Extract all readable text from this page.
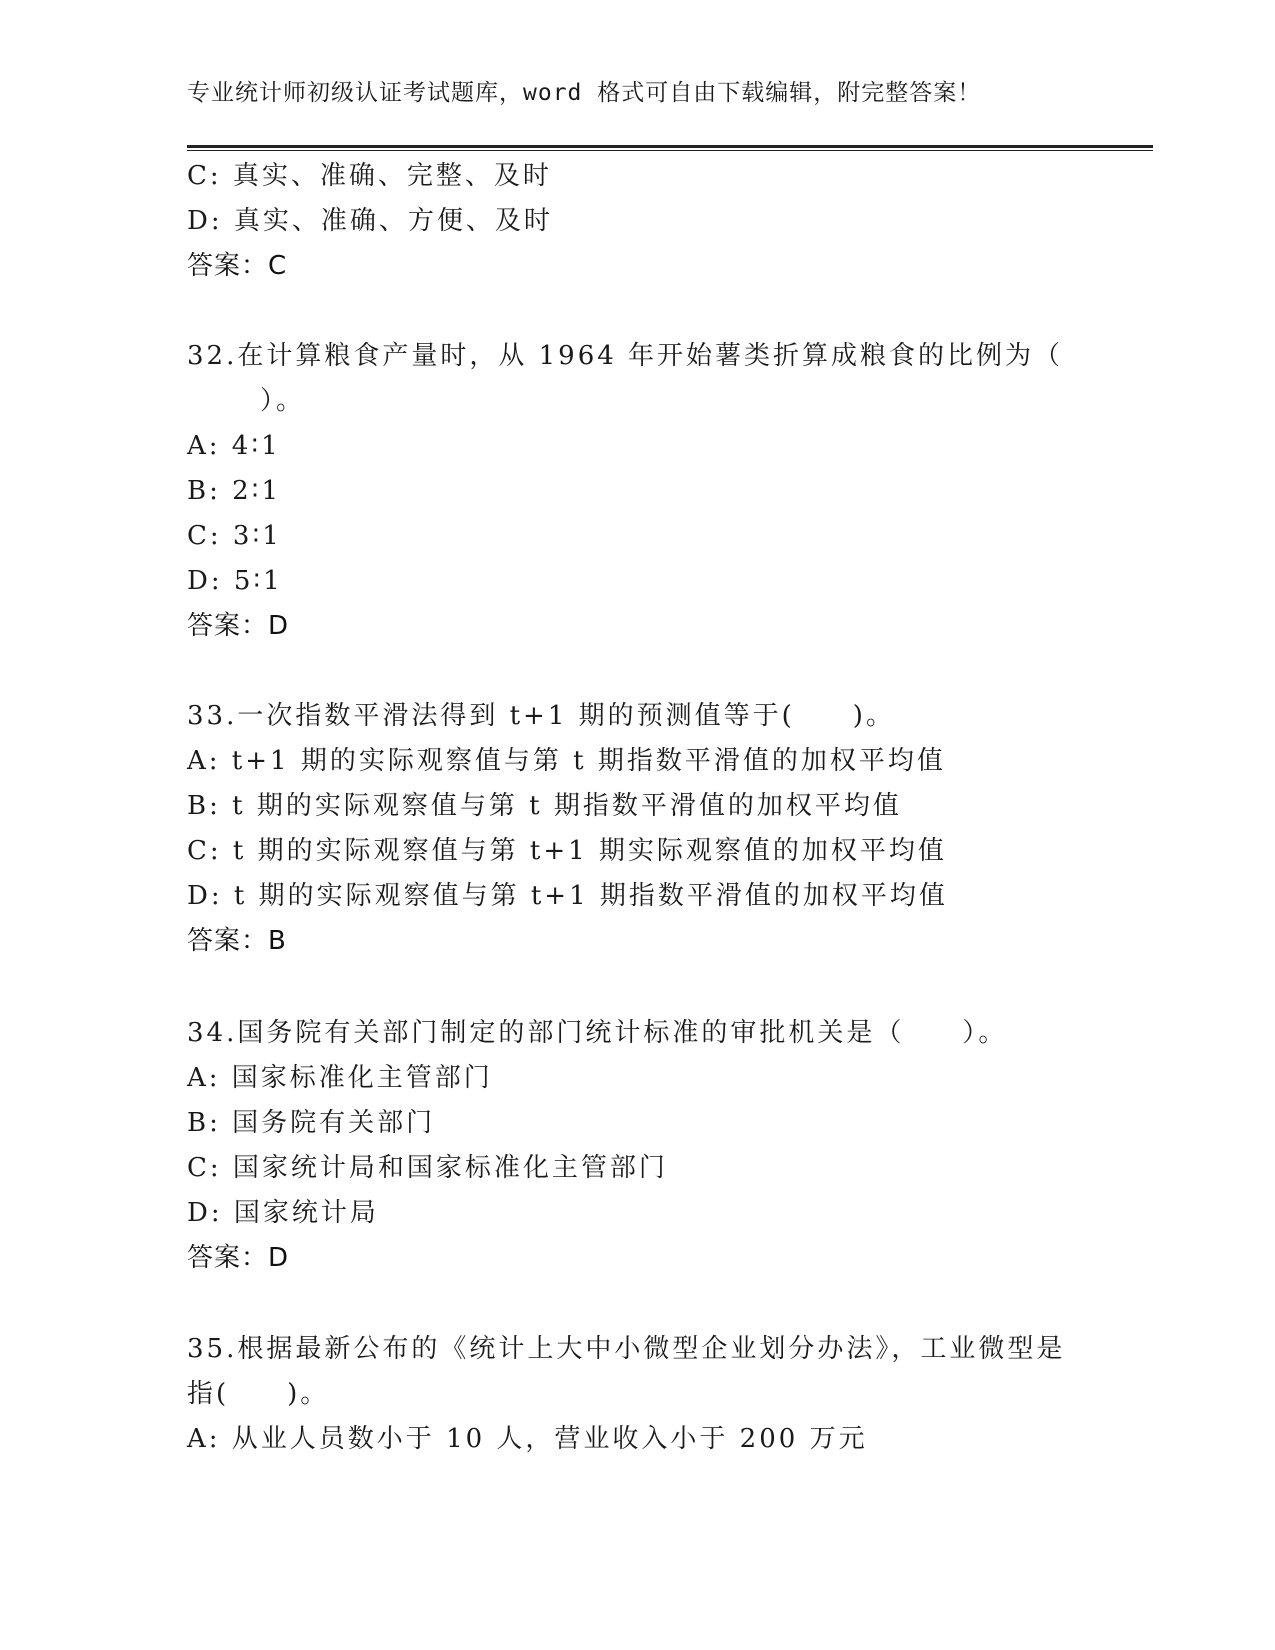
专业统计师初级认证考试题库，word 格式可自由下载编辑，附完整答案！
C: 真实、准确、完整、及时
D: 真实、准确、方便、及时
答案：C
32.在计算粮食产量时，从 1964 年开始薯类折算成粮食的比例为（
）。
A: 4∶1
B: 2∶1
C: 3∶1
D: 5∶1
答案：D
33.一次指数平滑法得到 t+1 期的预测值等于(　　)。
A: t+1 期的实际观察值与第 t 期指数平滑值的加权平均值
B: t 期的实际观察值与第 t 期指数平滑值的加权平均值
C: t 期的实际观察值与第 t+1 期实际观察值的加权平均值
D: t 期的实际观察值与第 t+1 期指数平滑值的加权平均值
答案：B
34.国务院有关部门制定的部门统计标准的审批机关是（　　）。
A: 国家标准化主管部门
B: 国务院有关部门
C: 国家统计局和国家标准化主管部门
D: 国家统计局
答案：D
35.根据最新公布的《统计上大中小微型企业划分办法》，工业微型是
指(　　)。
A: 从业人员数小于 10 人，营业收入小于 200 万元
